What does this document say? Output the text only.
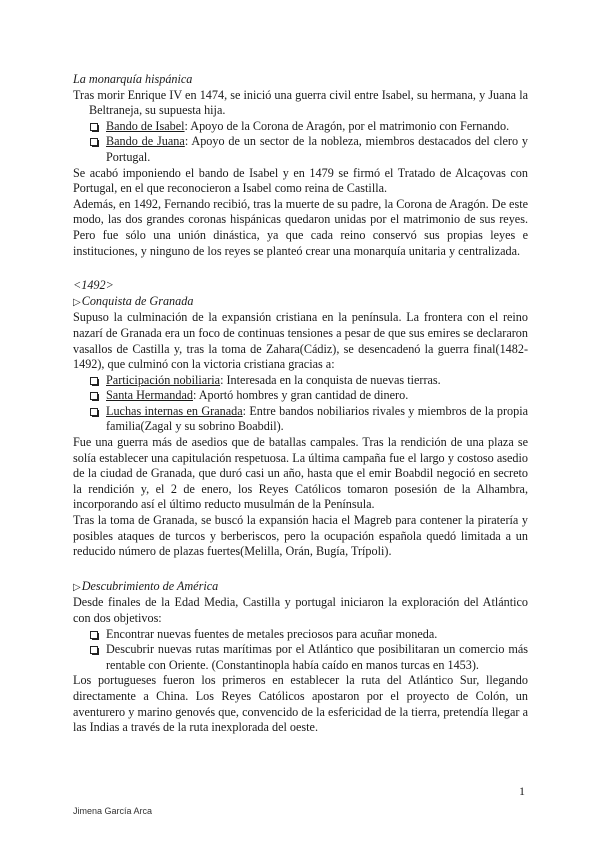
La monarquía hispánica

Tras morir Enrique IV en 1474, se inició una guerra civil entre Isabel, su hermana, y Juana la Beltraneja, su supuesta hija.

Bando de Isabel: Apoyo de la Corona de Aragón, por el matrimonio con Fernando.
Bando de Juana: Apoyo de un sector de la nobleza, miembros destacados del clero y Portugal.

Se acabó imponiendo el bando de Isabel y en 1479 se firmó el Tratado de Alcaçovas con Portugal, en el que reconocieron a Isabel como reina de Castilla.

Además, en 1492, Fernando recibió, tras la muerte de su padre, la Corona de Aragón. De este modo, las dos grandes coronas hispánicas quedaron unidas por el matrimonio de sus reyes. Pero fue sólo una unión dinástica, ya que cada reino conservó sus propias leyes e instituciones, y ninguno de los reyes se planteó crear una monarquía unitaria y centralizada.

<1492>

▷Conquista de Granada

Supuso la culminación de la expansión cristiana en la península. La frontera con el reino nazarí de Granada era un foco de continuas tensiones a pesar de que sus emires se declararon vasallos de Castilla y, tras la toma de Zahara(Cádiz), se desencadenó la guerra final(1482-1492), que culminó con la victoria cristiana gracias a:

Participación nobiliaria: Interesada en la conquista de nuevas tierras.
Santa Hermandad: Aportó hombres y gran cantidad de dinero.
Luchas internas en Granada: Entre bandos nobiliarios rivales y miembros de la propia familia(Zagal y su sobrino Boabdil).

Fue una guerra más de asedios que de batallas campales. Tras la rendición de una plaza se solía establecer una capitulación respetuosa. La última campaña fue el largo y costoso asedio de la ciudad de Granada, que duró casi un año, hasta que el emir Boabdil negoció en secreto la rendición y, el 2 de enero, los Reyes Católicos tomaron posesión de la Alhambra, incorporando así el último reducto musulmán de la Península.

Tras la toma de Granada, se buscó la expansión hacia el Magreb para contener la piratería y posibles ataques de turcos y berberiscos, pero la ocupación española quedó limitada a un reducido número de plazas fuertes(Melilla, Orán, Bugía, Trípoli).

▷Descubrimiento de América

Desde finales de la Edad Media, Castilla y portugal iniciaron la exploración del Atlántico con dos objetivos:

Encontrar nuevas fuentes de metales preciosos para acuñar moneda.
Descubrir nuevas rutas marítimas por el Atlántico que posibilitaran un comercio más rentable con Oriente. (Constantinopla había caído en manos turcas en 1453).

Los portugueses fueron los primeros en establecer la ruta del Atlántico Sur, llegando directamente a China. Los Reyes Católicos apostaron por el proyecto de Colón, un aventurero y marino genovés que, convencido de la esfericidad de la tierra, pretendía llegar a las Indias a través de la ruta inexplorada del oeste.

1
Jimena García Arca
